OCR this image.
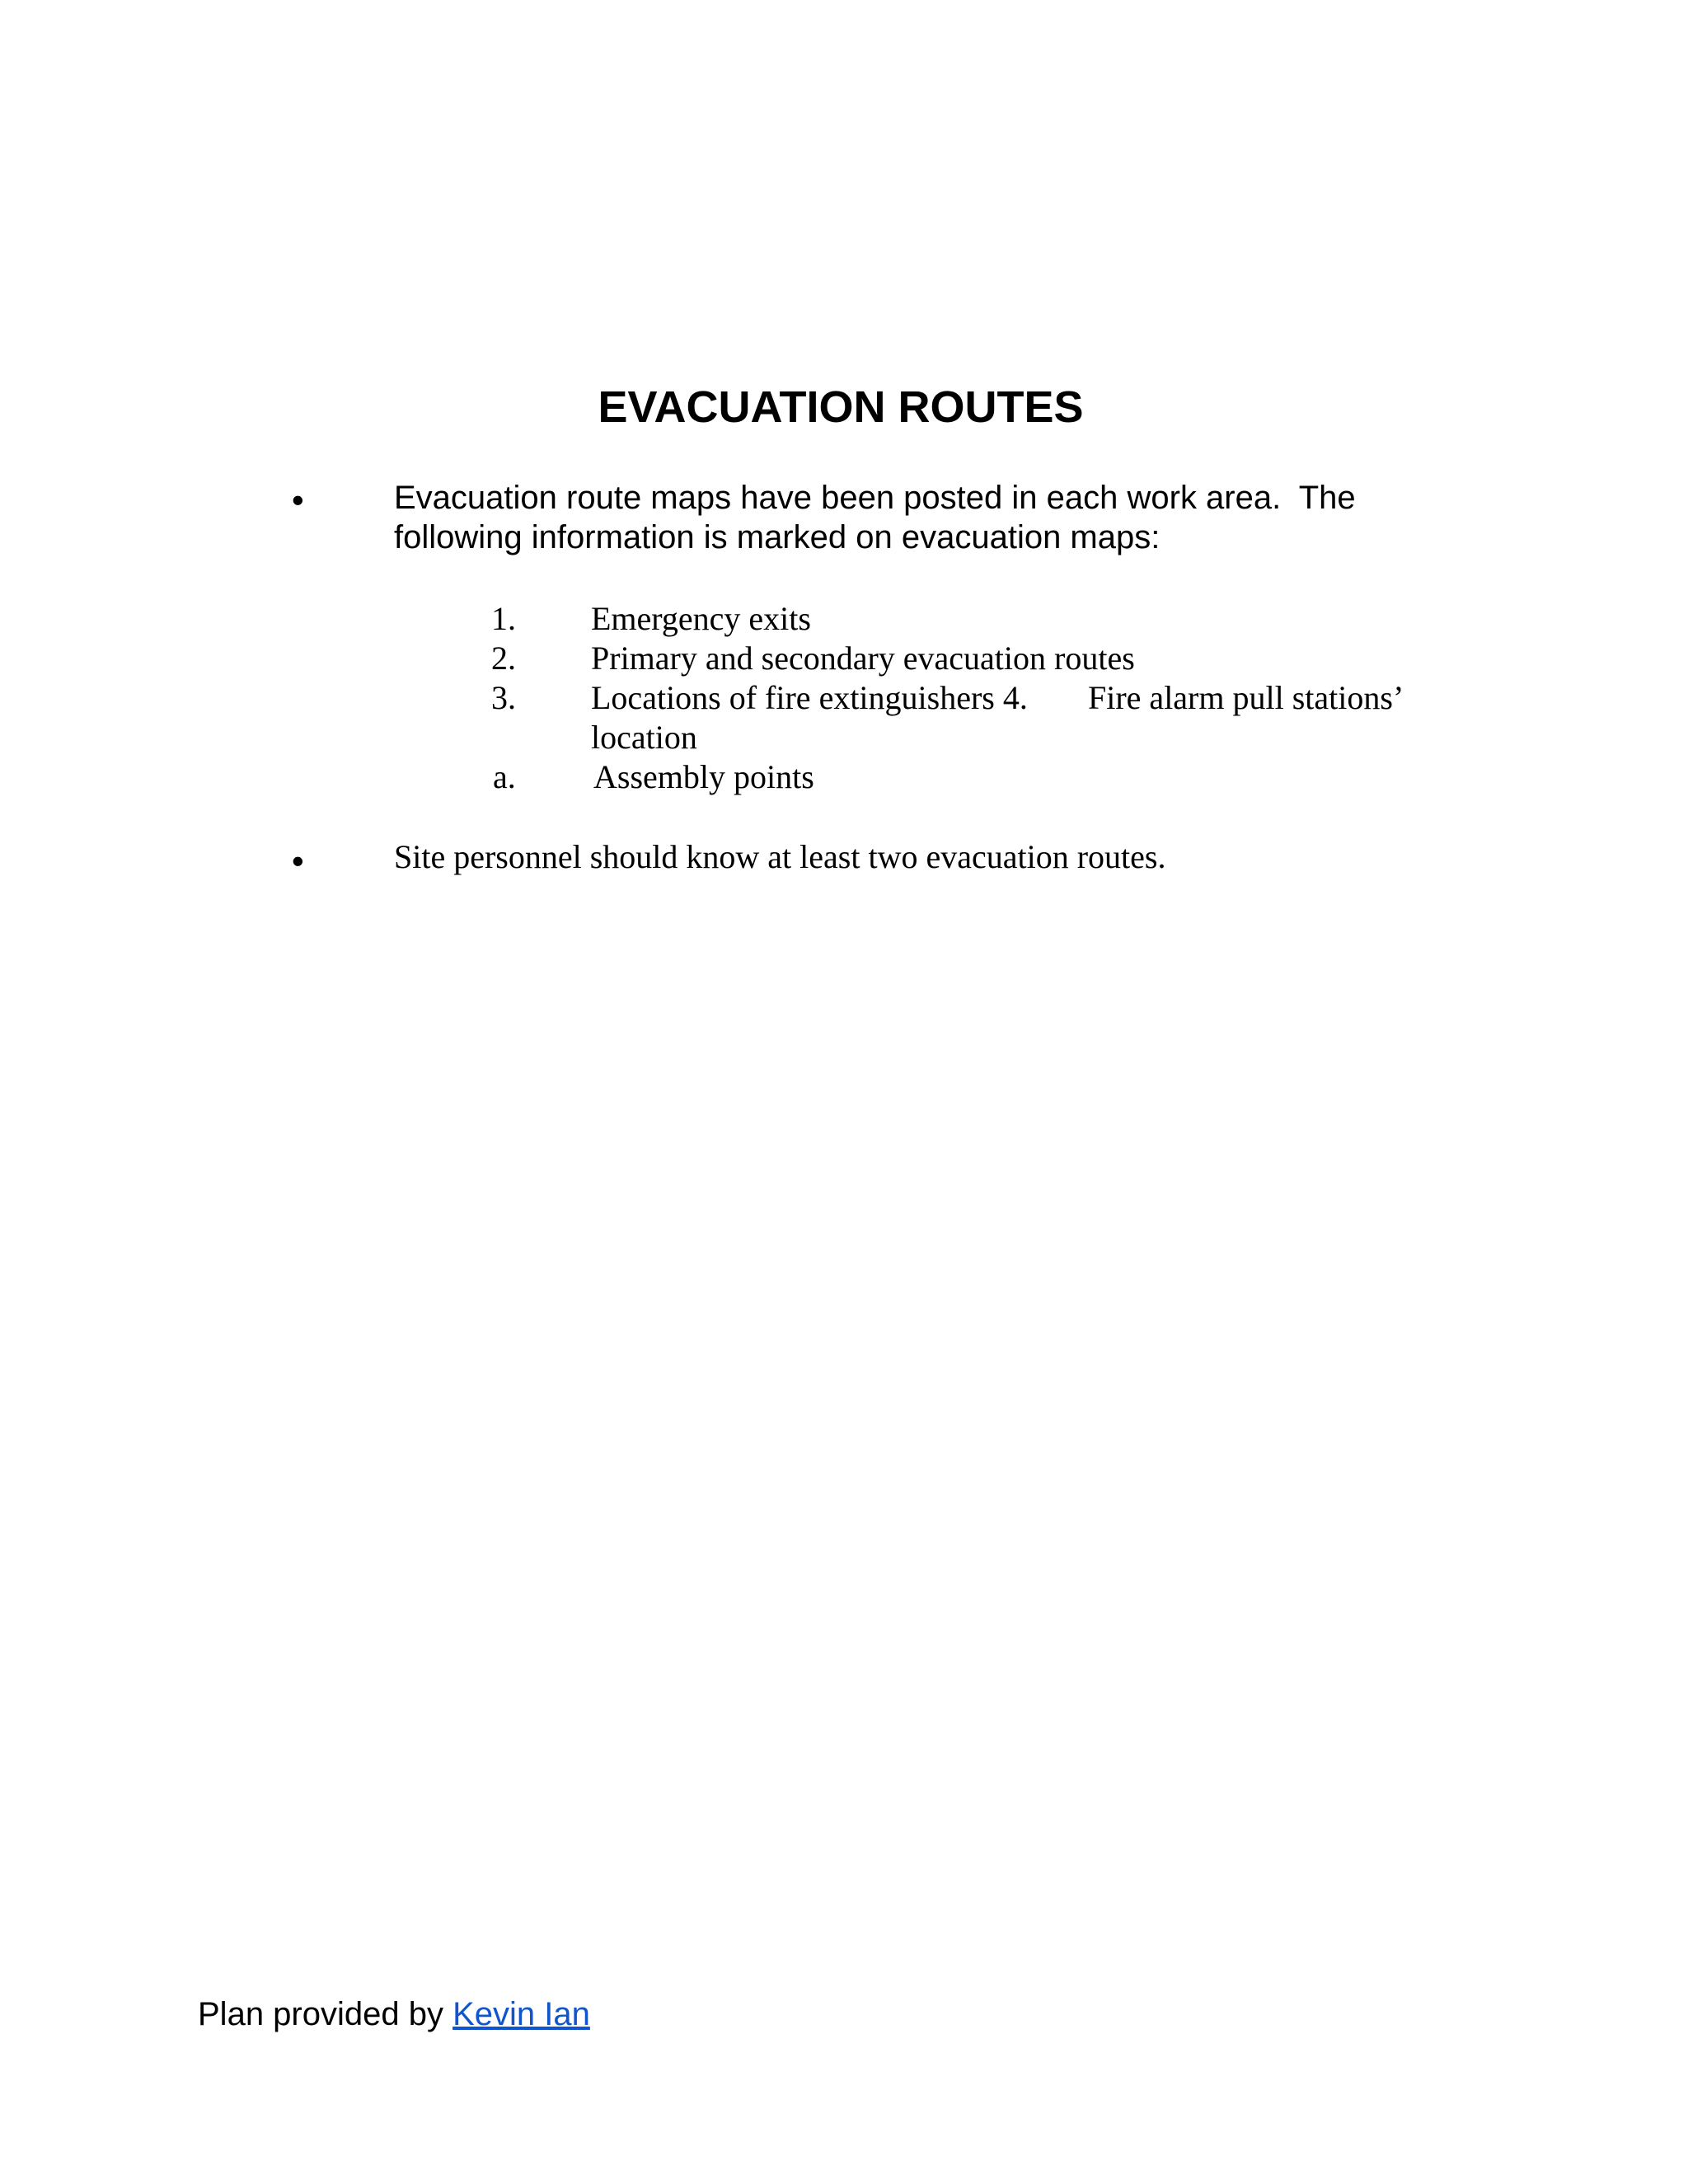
EVACUATION ROUTES
•	Evacuation route maps have been posted in each work area.  The
following information is marked on evacuation maps:
1.	Emergency exits
2.	Primary and secondary evacuation routes
3.	Locations of fire extinguishers 4. Fire alarm pull stations’
location
a.	Assembly points
•	Site personnel should know at least two evacuation routes.
Plan provided by Kevin Ian
